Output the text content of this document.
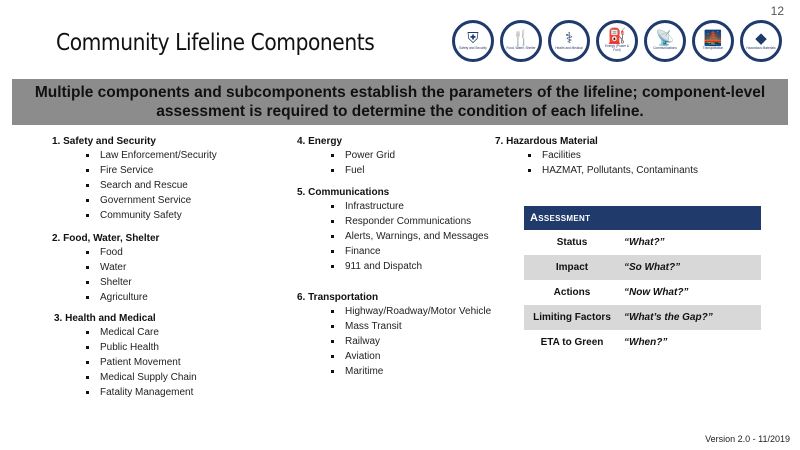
12
Community Lifeline Components	⛨
Safety and Security
🍴
Food, Water, Shelter
⚕
Health and Medical
⛽
Energy (Power & Fuel)
📡
Communications
🌉
Transportation
◆
Hazardous Materials
Multiple components and subcomponents establish the parameters of the lifeline; component-level assessment is required to determine the condition of each lifeline.
1. Safety and Security
Law Enforcement/Security
Fire Service
Search and Rescue
Government Service
Community Safety
2. Food, Water, Shelter
Food
Water
Shelter
Agriculture
3. Health and Medical
Medical Care
Public Health
Patient Movement
Medical Supply Chain
Fatality Management
4. Energy
Power Grid
Fuel
5. Communications
Infrastructure
Responder Communications
Alerts, Warnings, and Messages
Finance
911 and Dispatch
6. Transportation
Highway/Roadway/Motor Vehicle
Mass Transit
Railway
Aviation
Maritime
7. Hazardous Material
Facilities
HAZMAT, Pollutants, Contaminants
Assessment
Status	“What?”
Impact	“So What?”
Actions	“Now What?”
Limiting Factors	“What’s the Gap?”
ETA to Green	“When?”
Version 2.0 - 11/2019
